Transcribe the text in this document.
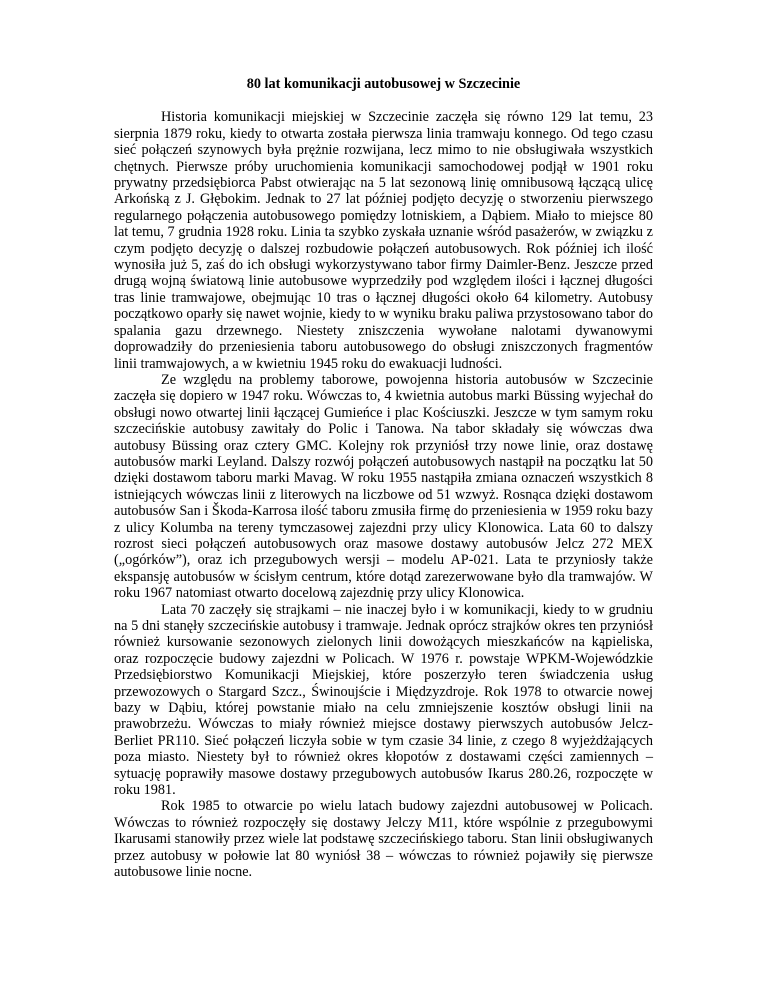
80 lat komunikacji autobusowej w Szczecinie

Historia komunikacji miejskiej w Szczecinie zaczęła się równo 129 lat temu, 23 sierpnia 1879 roku, kiedy to otwarta została pierwsza linia tramwaju konnego. Od tego czasu sieć połączeń szynowych była prężnie rozwijana, lecz mimo to nie obsługiwała wszystkich chętnych. Pierwsze próby uruchomienia komunikacji samochodowej podjął w 1901 roku prywatny przedsiębiorca Pabst otwierając na 5 lat sezonową linię omnibusową łączącą ulicę Arkońską z J. Głębokim. Jednak to 27 lat później podjęto decyzję o stworzeniu pierwszego regularnego połączenia autobusowego pomiędzy lotniskiem, a Dąbiem. Miało to miejsce 80 lat temu, 7 grudnia 1928 roku. Linia ta szybko zyskała uznanie wśród pasażerów, w związku z czym podjęto decyzję o dalszej rozbudowie połączeń autobusowych. Rok później ich ilość wynosiła już 5, zaś do ich obsługi wykorzystywano tabor firmy Daimler-Benz. Jeszcze przed drugą wojną światową linie autobusowe wyprzedziły pod względem ilości i łącznej długości tras linie tramwajowe, obejmując 10 tras o łącznej długości około 64 kilometry. Autobusy początkowo oparły się nawet wojnie, kiedy to w wyniku braku paliwa przystosowano tabor do spalania gazu drzewnego. Niestety zniszczenia wywołane nalotami dywanowymi doprowadziły do przeniesienia taboru autobusowego do obsługi zniszczonych fragmentów linii tramwajowych, a w kwietniu 1945 roku do ewakuacji ludności.

Ze względu na problemy taborowe, powojenna historia autobusów w Szczecinie zaczęła się dopiero w 1947 roku. Wówczas to, 4 kwietnia autobus marki Büssing wyjechał do obsługi nowo otwartej linii łączącej Gumieńce i plac Kościuszki. Jeszcze w tym samym roku szczecińskie autobusy zawitały do Polic i Tanowa. Na tabor składały się wówczas dwa autobusy Büssing oraz cztery GMC. Kolejny rok przyniósł trzy nowe linie, oraz dostawę autobusów marki Leyland. Dalszy rozwój połączeń autobusowych nastąpił na początku lat 50 dzięki dostawom taboru marki Mavag. W roku 1955 nastąpiła zmiana oznaczeń wszystkich 8 istniejących wówczas linii z literowych na liczbowe od 51 wzwyż. Rosnąca dzięki dostawom autobusów San i Škoda-Karrosa ilość taboru zmusiła firmę do przeniesienia w 1959 roku bazy z ulicy Kolumba na tereny tymczasowej zajezdni przy ulicy Klonowica. Lata 60 to dalszy rozrost sieci połączeń autobusowych oraz masowe dostawy autobusów Jelcz 272 MEX („ogórków”), oraz ich przegubowych wersji – modelu AP-021. Lata te przyniosły także ekspansję autobusów w ścisłym centrum, które dotąd zarezerwowane było dla tramwajów. W roku 1967 natomiast otwarto docelową zajezdnię przy ulicy Klonowica.

Lata 70 zaczęły się strajkami – nie inaczej było i w komunikacji, kiedy to w grudniu na 5 dni stanęły szczecińskie autobusy i tramwaje. Jednak oprócz strajków okres ten przyniósł również kursowanie sezonowych zielonych linii dowożących mieszkańców na kąpieliska, oraz rozpoczęcie budowy zajezdni w Policach. W 1976 r. powstaje WPKM-Wojewódzkie Przedsiębiorstwo Komunikacji Miejskiej, które poszerzyło teren świadczenia usług przewozowych o Stargard Szcz., Świnoujście i Międzyzdroje. Rok 1978 to otwarcie nowej bazy w Dąbiu, której powstanie miało na celu zmniejszenie kosztów obsługi linii na prawobrzeżu. Wówczas to miały również miejsce dostawy pierwszych autobusów Jelcz-Berliet PR110. Sieć połączeń liczyła sobie w tym czasie 34 linie, z czego 8 wyjeżdżających poza miasto. Niestety był to również okres kłopotów z dostawami części zamiennych – sytuację poprawiły masowe dostawy przegubowych autobusów Ikarus 280.26, rozpoczęte w roku 1981.

Rok 1985 to otwarcie po wielu latach budowy zajezdni autobusowej w Policach. Wówczas to również rozpoczęły się dostawy Jelczy M11, które wspólnie z przegubowymi Ikarusami stanowiły przez wiele lat podstawę szczecińskiego taboru. Stan linii obsługiwanych przez autobusy w połowie lat 80 wyniósł 38 – wówczas to również pojawiły się pierwsze autobusowe linie nocne.
